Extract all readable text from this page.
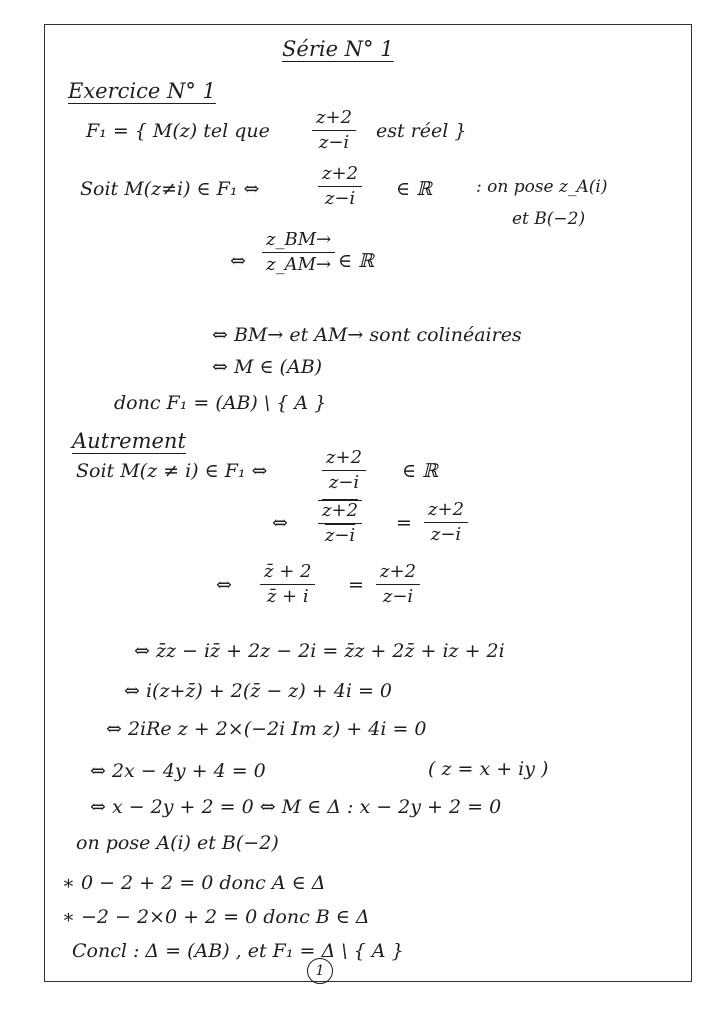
Série N° 1
Exercice N° 1
F₁ = { M(z) tel que $\frac{z+2}{z-i}$ est réel }
Soit M(z≠i) ∈ F₁ ⇔	$\frac{z+2}{z-i}$ ∈ ℝ	: on pose z_A(i)
et B(−2)
⇔ $\frac{z\_BM\to}{z\_AM\to}$ ∈ ℝ
⇔ BM→ et AM→ sont colinéaires
⇔ M ∈ (AB)
donc F₁ = (AB) \ { A }
Autrement
Soit M(z ≠ i) ∈ F₁ ⇔	$\frac{z+2}{z-i}$ ∈ ℝ
⇔ $\frac{z+2}{z-i} = \frac{z+2}{z-i}$
⇔ $\frac{z̄ + 2}{z̄ + i} = \frac{z+2}{z-i}$
⇔ z̄z − iz̄ + 2z − 2i = z̄z + 2z̄ + iz + 2i
⇔ i(z+z̄) + 2(z̄ − z) + 4i = 0
⇔ 2iRe z + 2×(−2i Im z) + 4i = 0
⇔ 2x − 4y + 4 = 0	( z = x + iy )
⇔ x − 2y + 2 = 0 ⇔ M ∈ Δ : x − 2y + 2 = 0
on pose A(i) et B(−2)
∗ 0 − 2 + 2 = 0 donc A ∈ Δ
∗ −2 − 2×0 + 2 = 0 donc B ∈ Δ
Concl : Δ = (AB) , et F₁ = Δ \ { A }
1
